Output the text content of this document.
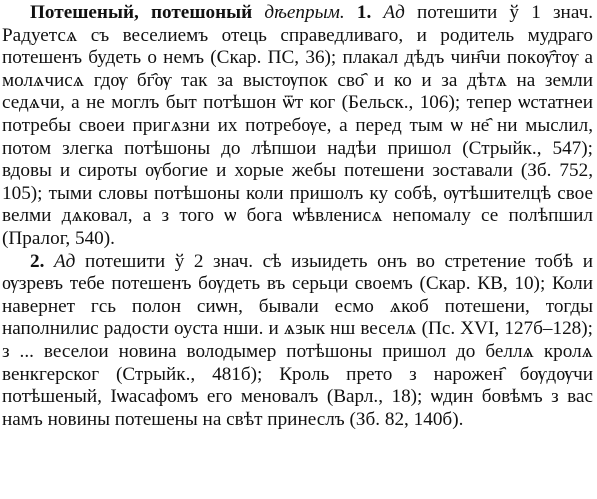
Потешеный, потешоный дѣепрым. 1. Ад потешити ў 1 знач. Радуетсѧ съ веселиемъ отець справедливаго, и родитель мудраго потешенъ будеть о немъ (Скар. ПС, 36); плакал дѣдъ чин҄чи покѹ҄тѹ а молѧчисѧ гдѹ бг҄ѹ так за выстѹпок сво҄ и ко и за дѣтѧ на земли седѧчи, а не моглъ быт потѣшон ѿт ког (Бельск., 106); тепер ѡстатнеи потребы своеи пригѧзни их потребѹе, а перед тым ѡ не҄ ни мыслил, потом злегка потѣшоны до лѣпшои надѣи пришол (Стрыйк., 547); вдовы и сироты ѹбогие и хорые жебы потешени зоставали (Зб. 752, 105); тыми словы потѣшоны коли пришолъ ку собѣ, ѹтѣшителцѣ свое велми дѧковал, а з того ѡ бога ѡѣвленисѧ непомалу се полѣпшил (Пралог, 540).

2. Ад потешити ў 2 знач. сѣ изыидеть онъ во стретение тобѣ и ѹзревъ тебе потешенъ бѹдеть въ серьци своемъ (Скар. КВ, 10); Коли навернет гсь полон сиѡн, бывали есмо ѧкоб потешени, тогды наполнилис радости оуста нши. и ѧзык нш веселѧ (Пс. XVI, 127б–128); з ... веселои новина володымер потѣшоны пришол до беллѧ кролѧ венкгерског (Стрыйк., 481б); Кроль прето з нарожен҄ бѹдѹчи потѣшеный, Iѡасафомъ его меновалъ (Варл., 18); ѡдин бовѣмъ з вас намъ новины потешены на свѣт принеслъ (Зб. 82, 140б).
